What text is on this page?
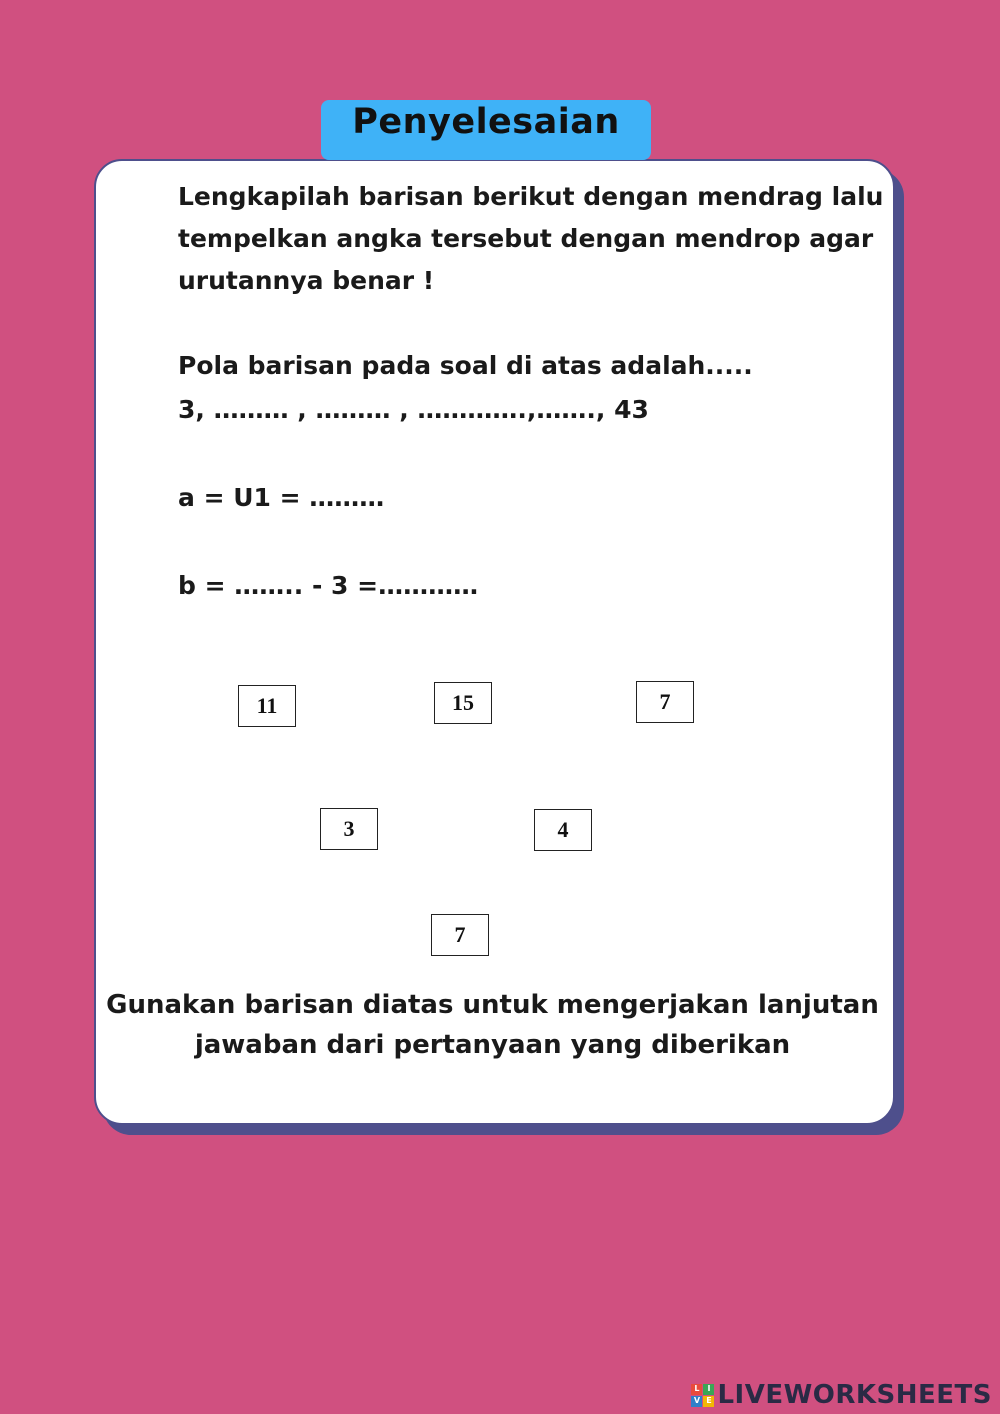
Penyelesaian
Lengkapilah barisan berikut dengan mendrag lalu
tempelkan angka tersebut dengan mendrop agar
urutannya benar !
Pola barisan pada soal di atas adalah.....
3, ……… , ……… , ………….,……., 43
a = U1 = ………
b = …….. - 3 =…………
11	15	7
3	4
7
Gunakan barisan diatas untuk mengerjakan lanjutan
jawaban dari pertanyaan yang diberikan
L I
V E LIVEWORKSHEETS
